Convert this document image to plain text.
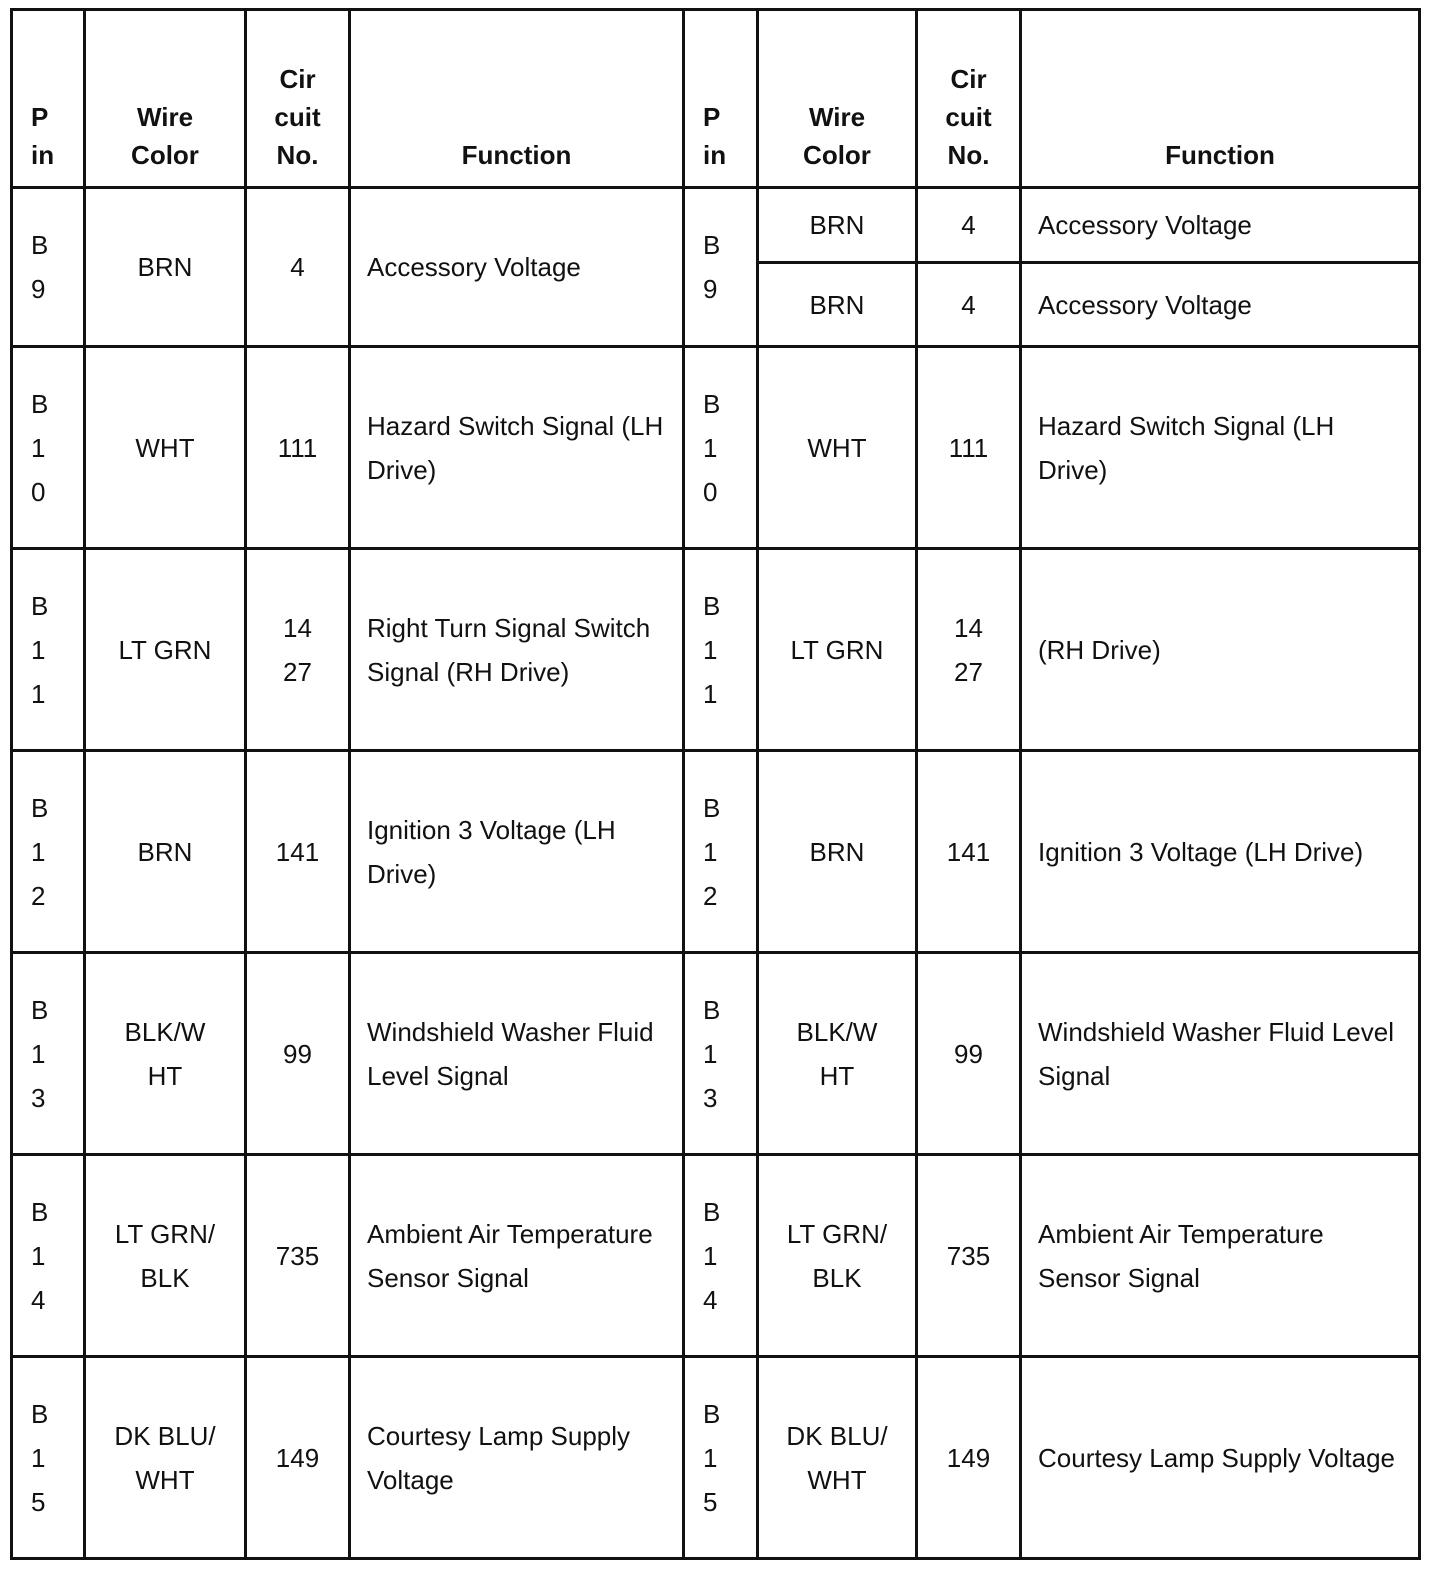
P
in	Wire
Color	Cir
cuit
No.	Function	P
in	Wire
Color	Cir
cuit
No.	Function
B
9	BRN	4	Accessory Voltage	B
9	BRN	4	Accessory Voltage
					BRN	4	Accessory Voltage
B
1
0	WHT	111	Hazard Switch Signal (LH Drive)	B
1
0	WHT	111	Hazard Switch Signal (LH Drive)
B
1
1	LT GRN	14
27	Right Turn Signal Switch Signal (RH Drive)	B
1
1	LT GRN	14
27	(RH Drive)
B
1
2	BRN	141	Ignition 3 Voltage (LH Drive)	B
1
2	BRN	141	Ignition 3 Voltage (LH Drive)
B
1
3	BLK/W
HT	99	Windshield Washer Fluid Level Signal	B
1
3	BLK/W
HT	99	Windshield Washer Fluid Level Signal
B
1
4	LT GRN/
BLK	735	Ambient Air Temperature Sensor Signal	B
1
4	LT GRN/
BLK	735	Ambient Air Temperature Sensor Signal
B
1
5	DK BLU/
WHT	149	Courtesy Lamp Supply Voltage	B
1
5	DK BLU/
WHT	149	Courtesy Lamp Supply Voltage
